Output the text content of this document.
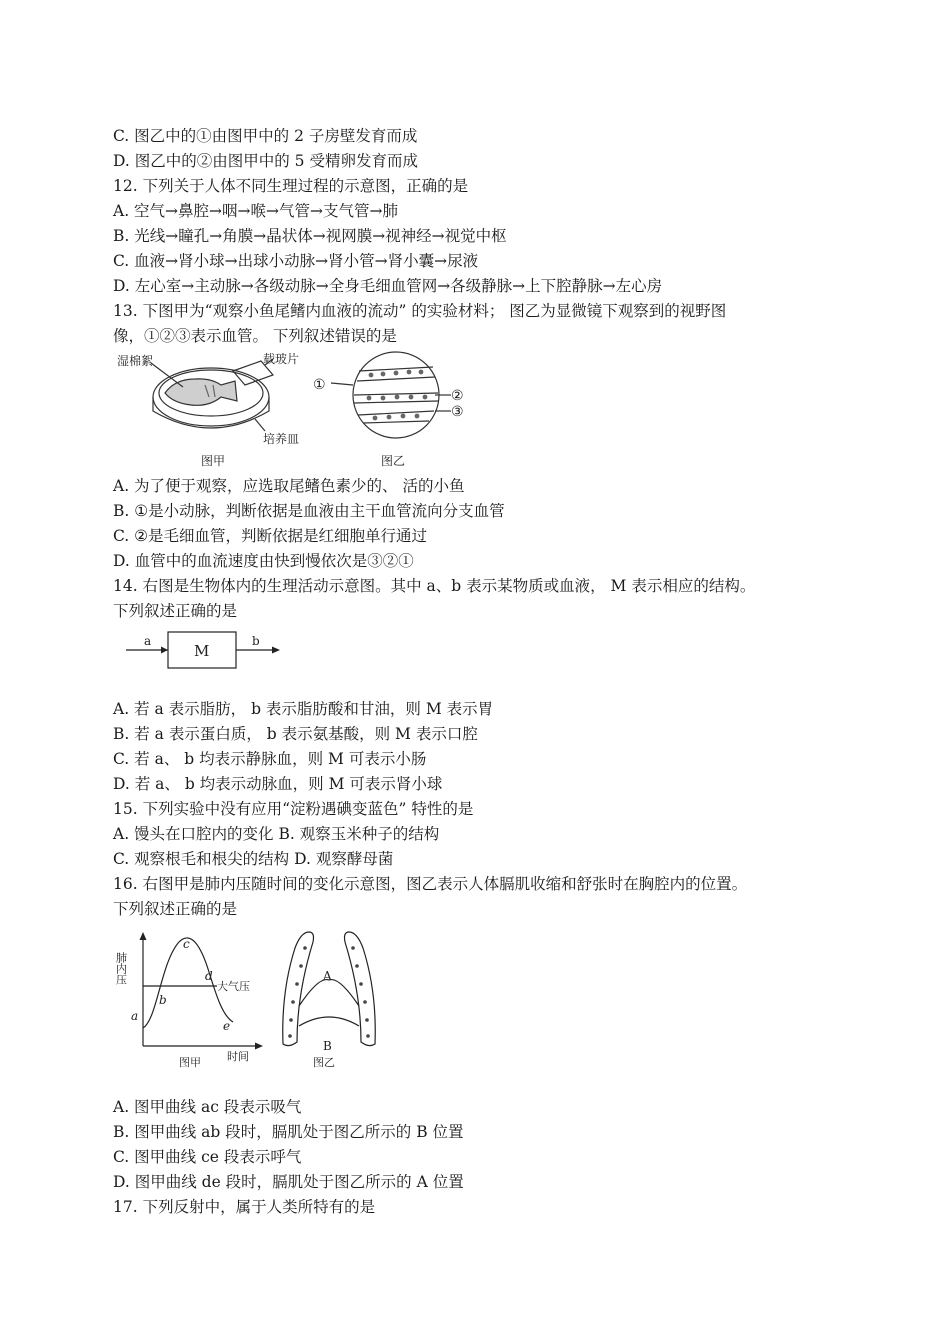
C. 图乙中的①由图甲中的 2 子房壁发育而成
D. 图乙中的②由图甲中的 5 受精卵发育而成
12. 下列关于人体不同生理过程的示意图，正确的是
A. 空气→鼻腔→咽→喉→气管→支气管→肺
B. 光线→瞳孔→角膜→晶状体→视网膜→视神经→视觉中枢
C. 血液→肾小球→出球小动脉→肾小管→肾小囊→尿液
D. 左心室→主动脉→各级动脉→全身毛细血管网→各级静脉→上下腔静脉→左心房
13. 下图甲为“观察小鱼尾鳍内血液的流动” 的实验材料； 图乙为显微镜下观察到的视野图
像，①②③表示血管。 下列叙述错误的是
湿棉絮	载玻片
培养皿
图甲	图乙
①
②
③
A. 为了便于观察，应选取尾鳍色素少的、 活的小鱼
B. ①是小动脉，判断依据是血液由主干血管流向分支血管
C. ②是毛细血管，判断依据是红细胞单行通过
D. 血管中的血流速度由快到慢依次是③②①
14. 右图是生物体内的生理活动示意图。其中 a、b 表示某物质或血液， M 表示相应的结构。
下列叙述正确的是
a
M
b
A. 若 a 表示脂肪， b 表示脂肪酸和甘油，则 M 表示胃
B. 若 a 表示蛋白质， b 表示氨基酸，则 M 表示口腔
C. 若 a、 b 均表示静脉血，则 M 可表示小肠
D. 若 a、 b 均表示动脉血，则 M 可表示肾小球
15. 下列实验中没有应用“淀粉遇碘变蓝色” 特性的是
A. 馒头在口腔内的变化 B. 观察玉米种子的结构
C. 观察根毛和根尖的结构 D. 观察酵母菌
16. 右图甲是肺内压随时间的变化示意图，图乙表示人体膈肌收缩和舒张时在胸腔内的位置。
下列叙述正确的是
肺内压
时间
大气压
图甲
a
b
c
d
e
A
B
图乙
A. 图甲曲线 ac 段表示吸气
B. 图甲曲线 ab 段时，膈肌处于图乙所示的 B 位置
C. 图甲曲线 ce 段表示呼气
D. 图甲曲线 de 段时，膈肌处于图乙所示的 A 位置
17. 下列反射中，属于人类所特有的是
